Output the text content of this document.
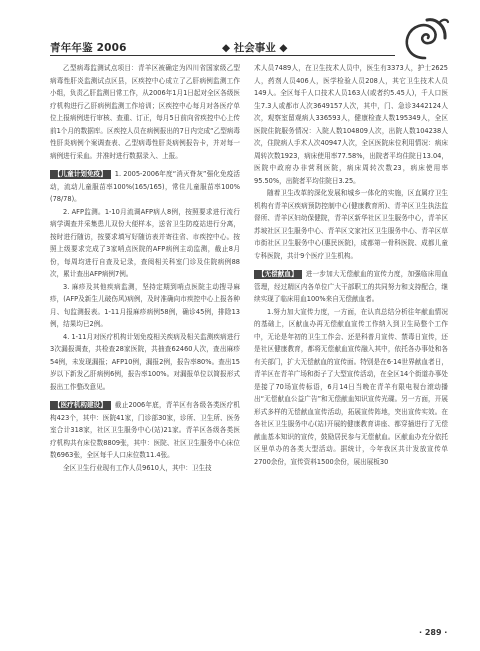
青年年鉴 2006	◆ 社会事业 ◆

乙型病毒监测试点项目：青羊区被确定为四川省国家级乙型病毒性肝炎监测试点区县，区疾控中心成立了乙肝病例监测工作小组，负责乙肝监测日常工作，从2006年1月1日起对全区各级医疗机构进行乙肝病例监测工作培训；区疾控中心每月对各医疗单位上报病例进行审核、查重、订正，每月5日前向省疾控中心上传前1个月的数据库。区疾控人员在病例报出的7日内完成“乙型病毒性肝炎病例个案调查表、乙型病毒性肝炎病例报告卡，并对每一病例进行采血。并准时进行数据录入、上报。

【儿童计划免疫】 1. 2005-2006年度“消灭脊灰”强化免疫活动，流动儿童服苗率100%(165/165)，常住儿童服苗率100%(78/78)。

2. AFP监测。1-10月流调AFP病人8例，按照要求进行流行病学调查并采集患儿双份大便样本，送省卫生防疫站进行分离，按时进行随访，按要求填写好随访表并寄往省、市疾控中心。按照上级要求完成了3家哨点医院的AFP病例主动监测，截止8月份，每周均进行自查及记录，查阅相关科室门诊及住院病例88次，累计查出AFP病例7例。

3. 麻疹及其他疾病监测，坚持定期到哨点医院主动搜寻麻疹，(AFP及新生儿破伤风)病例，及时准确向市疾控中心上报各种月、旬监测报表。1-11月报麻疹病例58例，确诊45例，排除13例，结果均已2例。

4. 1-11月对医疗机构计划免疫相关疾病及相关监测疾病进行3次漏报调查，共检查28家医院，共抽查62460人次，查出麻疹54例，未发现漏报；AFP10例，漏报2例，报告率80%。查出15岁以下新发乙肝病例6例，报告率100%。对漏报单位以简报形式报出工作整改意见。

【医疗机构建设】 截止2006年底，青羊区有各级各类医疗机构423个，其中：医院41家，门诊部30家，诊所、卫生所、医务室合计318家，社区卫生服务中心(站)21家。青羊区各级各类医疗机构共有床位数8809张，其中：医院、社区卫生服务中心床位数6963张，全区每千人口床位数11.4张。

全区卫生行业现有工作人员9610人，其中：卫生技

术人员7489人，在卫生技术人员中，医生有3373人，护士2625人，药剂人员406人，医学检验人员208人，其它卫生技术人员149人。全区每千人口技术人员163人(或者约5.45人)，千人口医生7.3人或都市人次3649157人次，其中，门、急诊3442124人次，观察室留观病人336593人，健康检查人数195349人，全区医院住院服务情况：入院人数104809人次，出院人数104238人次，住院病人手术人次40947人次，全区医院床位利用情况：病床周转次数1923，病床使用率77.58%，出院者平均住院日13.04，医院中政府办非营利医院，病床周转次数23，病床使用率95.50%，出院者平均住院日3.25。

随着卫生改革的深化发展和城乡一体化的实施，区直属疗卫生机构有青羊区疾病预防控制中心(健康教育所)、青羊区卫生执法监督所、青羊区妇幼保健院，青羊区新华社区卫生服务中心，青羊区苏坡社区卫生服务中心、青羊区文家社区卫生服务中心、青羊区草市街社区卫生服务中心(惠民医院)，成都第一骨科医院、成都儿童专科医院，共计9个医疗卫生机构。

【无偿献血】 进一步加大无偿献血的宣传力度，加强临床用血管理，经过精区内各单位广大干部职工的共同努力和支持配合，继续实现了临床用血100%来自无偿献血者。

1.努力加大宣传力度，一方面，在认真总结分析往年献血情况的基础上，区献血办再无偿献血宣传工作纳入到卫生局整个工作中，无论是年初的卫生工作会、还是科普月宣传、禁毒日宣传，还是社区健康教育，都将无偿献血宣传融入其中，依托各办事处和各有关部门，扩大无偿献血的宣传面。特别是在6·14世界献血者日，青羊区在青羊广场和街子了大型宣传活动，在全区14个街道办事处是接了70场宣传标语，6月14日当晚在青羊有限电视台滚动播出“无偿献血公益广告”和无偿献血知识宣传光碟。另一方面，开展形式多样的无偿献血宣传活动，拓展宣传阵地，突出宣传实效。在各社区卫生服务中心(站)开展的健康教育讲座、都穿插进行了无偿献血基本知识的宣传，鼓励居民参与无偿献血。区献血办充分依托区里单办的各类大型活动。据统计，今年我区共计发放宣传单2700余份，宣传资料1500余份，展出展板30

· 289 ·
